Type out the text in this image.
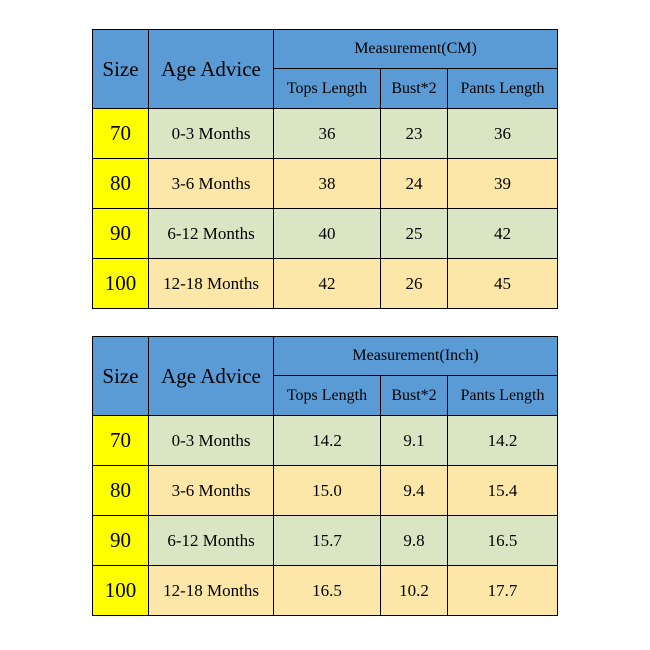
Size	Age Advice	Measurement(CM)		
		Tops Length	Bust*2	Pants Length
70	0-3 Months	36	23	36
80	3-6 Months	38	24	39
90	6-12 Months	40	25	42
100	12-18 Months	42	26	45
Size	Age Advice	Measurement(Inch)		
		Tops Length	Bust*2	Pants Length
70	0-3 Months	14.2	9.1	14.2
80	3-6 Months	15.0	9.4	15.4
90	6-12 Months	15.7	9.8	16.5
100	12-18 Months	16.5	10.2	17.7
